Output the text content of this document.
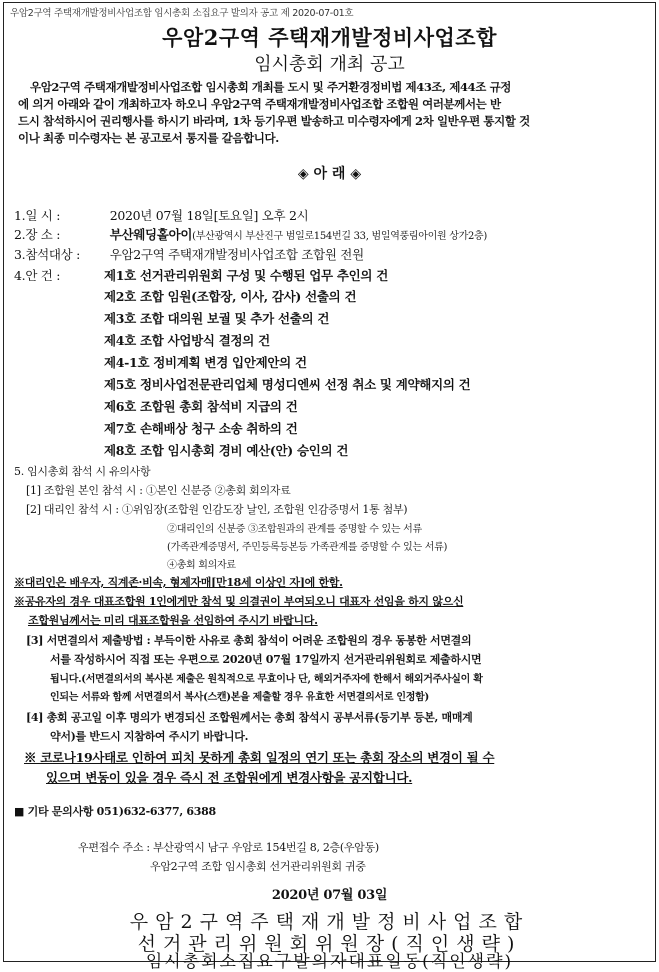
우암2구역 주택재개발정비사업조합 임시총회 소집요구 발의자 공고 제 2020-07-01호
우암2구역 주택재개발정비사업조합
임시총회 개최 공고

우암2구역 주택재개발정비사업조합 임시총회 개최를 도시 및 주거환경정비법 제43조, 제44조 규정

에 의거 아래와 같이 개최하고자 하오니 우암2구역 주택재개발정비사업조합 조합원 여러분께서는 반

드시 참석하시어 권리행사를 하시기 바라며, 1차 등기우편 발송하고 미수령자에게 2차 일반우편 통지할 것

이나 최종 미수령자는 본 공고로서 통지를 갈음합니다.

◈ 아 래 ◈
1.일 시 :	2020년 07월 18일[토요일] 오후 2시
2.장 소 :	부산웨딩홀아이(부산광역시 부산진구 범일로154번길 33, 범일역풍림아이원 상가2층)
3.참석대상 : 우암2구역 주택재개발정비사업조합 조합원 전원
4.안 건 :	제1호 선거관리위원회 구성 및 수행된 업무 추인의 건
제2호 조합 임원(조합장, 이사, 감사) 선출의 건
제3호 조합 대의원 보궐 및 추가 선출의 건
제4호 조합 사업방식 결정의 건
제4-1호 정비계획 변경 입안제안의 건
제5호 정비사업전문관리업체 명성디엔씨 선정 취소 및 계약해지의 건
제6호 조합원 총회 참석비 지급의 건
제7호 손해배상 청구 소송 취하의 건
제8호 조합 임시총회 경비 예산(안) 승인의 건
5. 임시총회 참석 시 유의사항
[1] 조합원 본인 참석 시 : ①본인 신분증 ②총회 회의자료
[2] 대리인 참석 시 : ①위임장(조합원 인감도장 날인, 조합원 인감증명서 1통 첨부)
②대리인의 신분증 ③조합원과의 관계를 증명할 수 있는 서류
(가족관계증명서, 주민등록등본등 가족관계를 증명할 수 있는 서류)
④총회 회의자료
※대리인은 배우자, 직계존·비속, 형제자매[만18세 이상인 자]에 한함.
※공유자의 경우 대표조합원 1인에게만 참석 및 의결권이 부여되오니 대표자 선임을 하지 않으신
조합원님께서는 미리 대표조합원을 선임하여 주시기 바랍니다.
[3] 서면결의서 제출방법 : 부득이한 사유로 총회 참석이 어려운 조합원의 경우 동봉한 서면결의
서를 작성하시어 직접 또는 우편으로 2020년 07월 17일까지 선거관리위원회로 제출하시면
됩니다.(서면결의서의 복사본 제출은 원칙적으로 무효이나 단, 해외거주자에 한해서 해외거주사실이 확
인되는 서류와 함께 서면결의서 복사(스캔)본을 제출할 경우 유효한 서면결의서로 인정함)
[4] 총회 공고일 이후 명의가 변경되신 조합원께서는 총회 참석시 공부서류(등기부 등본, 매매계
약서)를 반드시 지참하여 주시기 바랍니다.
※ 코로나19사태로 인하여 피치 못하게 총회 일정의 연기 또는 총회 장소의 변경이 될 수
있으며 변동이 있을 경우 즉시 전 조합원에게 변경사항을 공지합니다.
■ 기타 문의사항 051)632-6377, 6388
우편접수 주소 : 부산광역시 남구 우암로 154번길 8, 2층(우암동)
우암2구역 조합 임시총회 선거관리위원회 귀중
2020년 07월 03일
우암2구역주택재개발정비사업조합
선거관리위원회위원장(직인생략)
임시총회소집요구발의자대표일동(직인생략)
